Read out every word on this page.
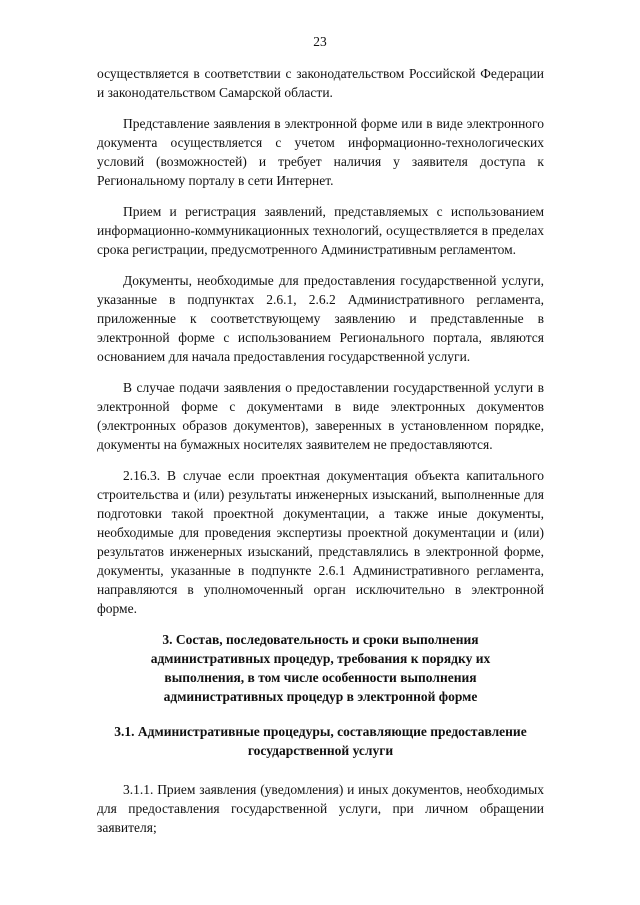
23

осуществляется в соответствии с законодательством Российской Федерации и законодательством Самарской области.

Представление заявления в электронной форме или в виде электронного документа осуществляется с учетом информационно-технологических условий (возможностей) и требует наличия у заявителя доступа к Региональному порталу в сети Интернет.

Прием и регистрация заявлений, представляемых с использованием информационно-коммуникационных технологий, осуществляется в пределах срока регистрации, предусмотренного Административным регламентом.

Документы, необходимые для предоставления государственной услуги, указанные в подпунктах 2.6.1, 2.6.2 Административного регламента, приложенные к соответствующему заявлению и представленные в электронной форме с использованием Регионального портала, являются основанием для начала предоставления государственной услуги.

В случае подачи заявления о предоставлении государственной услуги в электронной форме с документами в виде электронных документов (электронных образов документов), заверенных в установленном порядке, документы на бумажных носителях заявителем не предоставляются.

2.16.3. В случае если проектная документация объекта капитального строительства и (или) результаты инженерных изысканий, выполненные для подготовки такой проектной документации, а также иные документы, необходимые для проведения экспертизы проектной документации и (или) результатов инженерных изысканий, представлялись в электронной форме, документы, указанные в подпункте 2.6.1 Административного регламента, направляются в уполномоченный орган исключительно в электронной форме.

3. Состав, последовательность и сроки выполнения административных процедур, требования к порядку их выполнения, в том числе особенности выполнения административных процедур в электронной форме
3.1. Административные процедуры, составляющие предоставление государственной услуги

3.1.1. Прием заявления (уведомления) и иных документов, необходимых для предоставления государственной услуги, при личном обращении заявителя;
